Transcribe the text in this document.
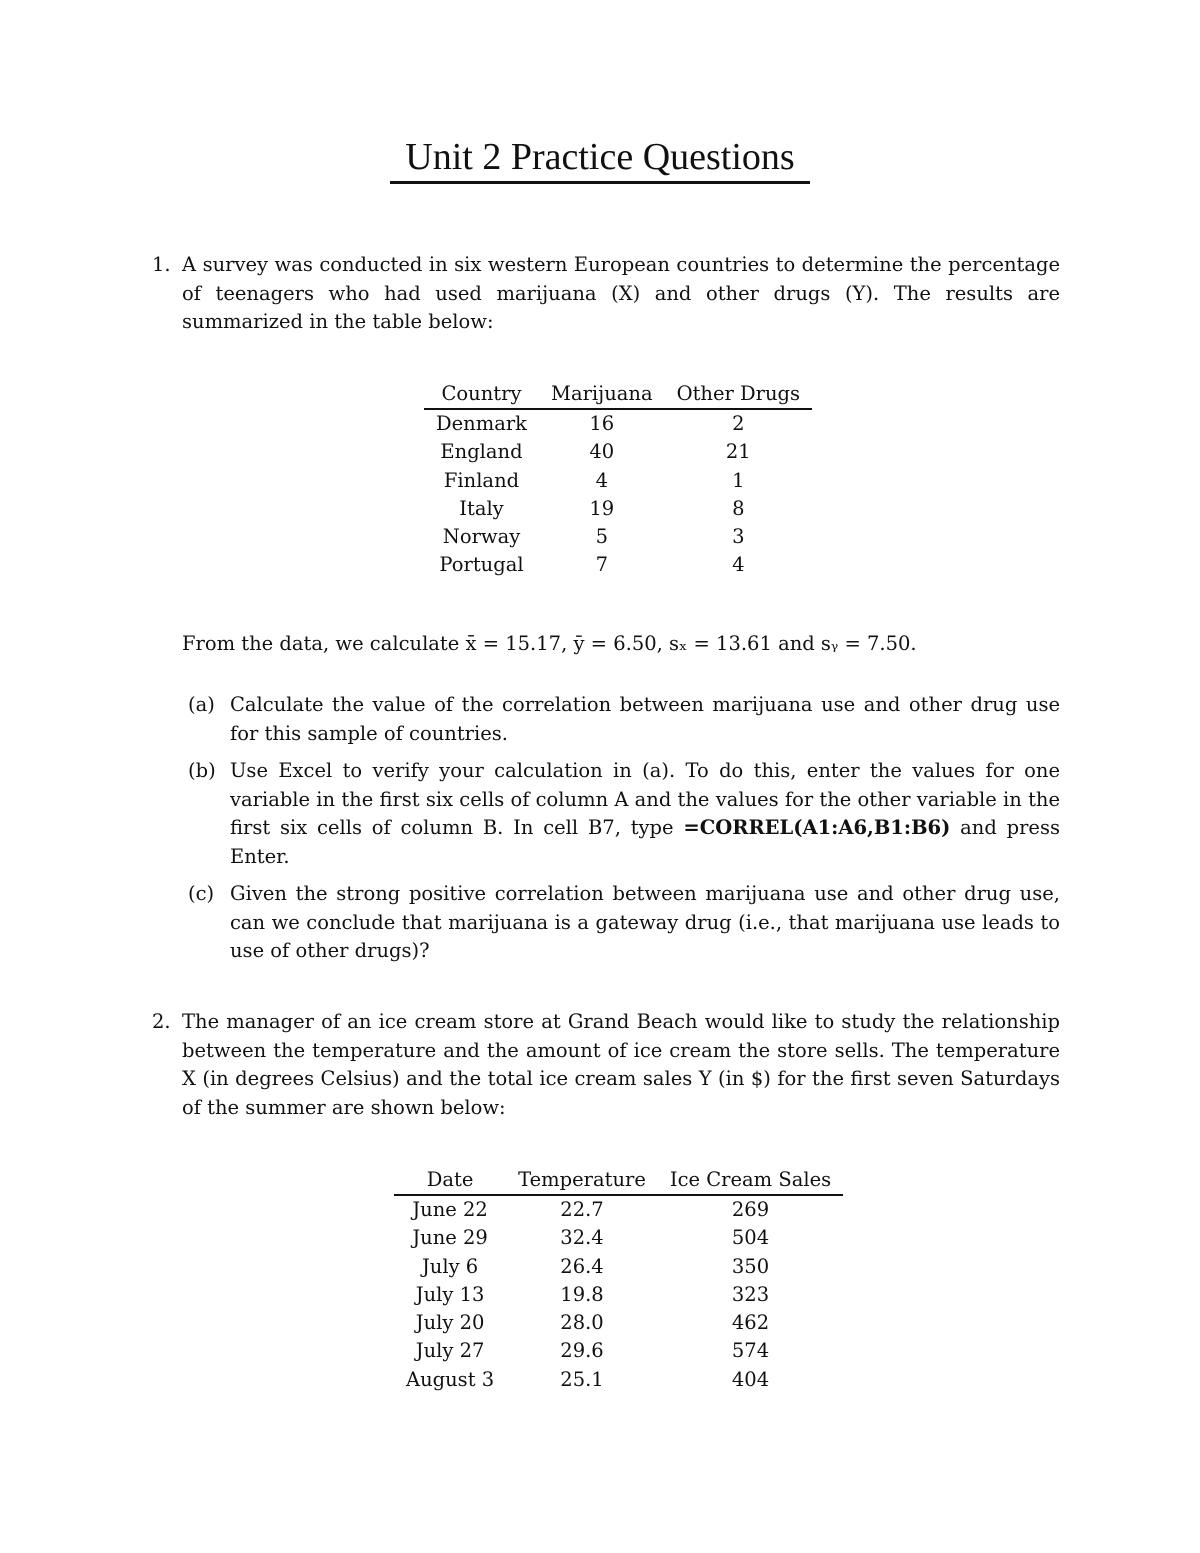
Unit 2 Practice Questions
1. A survey was conducted in six western European countries to determine the percentage of teenagers who had used marijuana (X) and other drugs (Y). The results are summarized in the table below:

Country	Marijuana	Other Drugs
Denmark	16	2
England	40	21
Finland	4	1
Italy	19	8
Norway	5	3
Portugal	7	4

From the data, we calculate x̄ = 15.17, ȳ = 6.50, sₓ = 13.61 and sᵧ = 7.50.

(a) Calculate the value of the correlation between marijuana use and other drug use for this sample of countries.

(b) Use Excel to verify your calculation in (a). To do this, enter the values for one variable in the first six cells of column A and the values for the other variable in the first six cells of column B. In cell B7, type =CORREL(A1:A6,B1:B6) and press Enter.

(c) Given the strong positive correlation between marijuana use and other drug use, can we conclude that marijuana is a gateway drug (i.e., that marijuana use leads to use of other drugs)?

2. The manager of an ice cream store at Grand Beach would like to study the relationship between the temperature and the amount of ice cream the store sells. The temperature X (in degrees Celsius) and the total ice cream sales Y (in $) for the first seven Saturdays of the summer are shown below:

Date	Temperature	Ice Cream Sales
June 22	22.7	269
June 29	32.4	504
July 6	26.4	350
July 13	19.8	323
July 20	28.0	462
July 27	29.6	574
August 3	25.1	404
